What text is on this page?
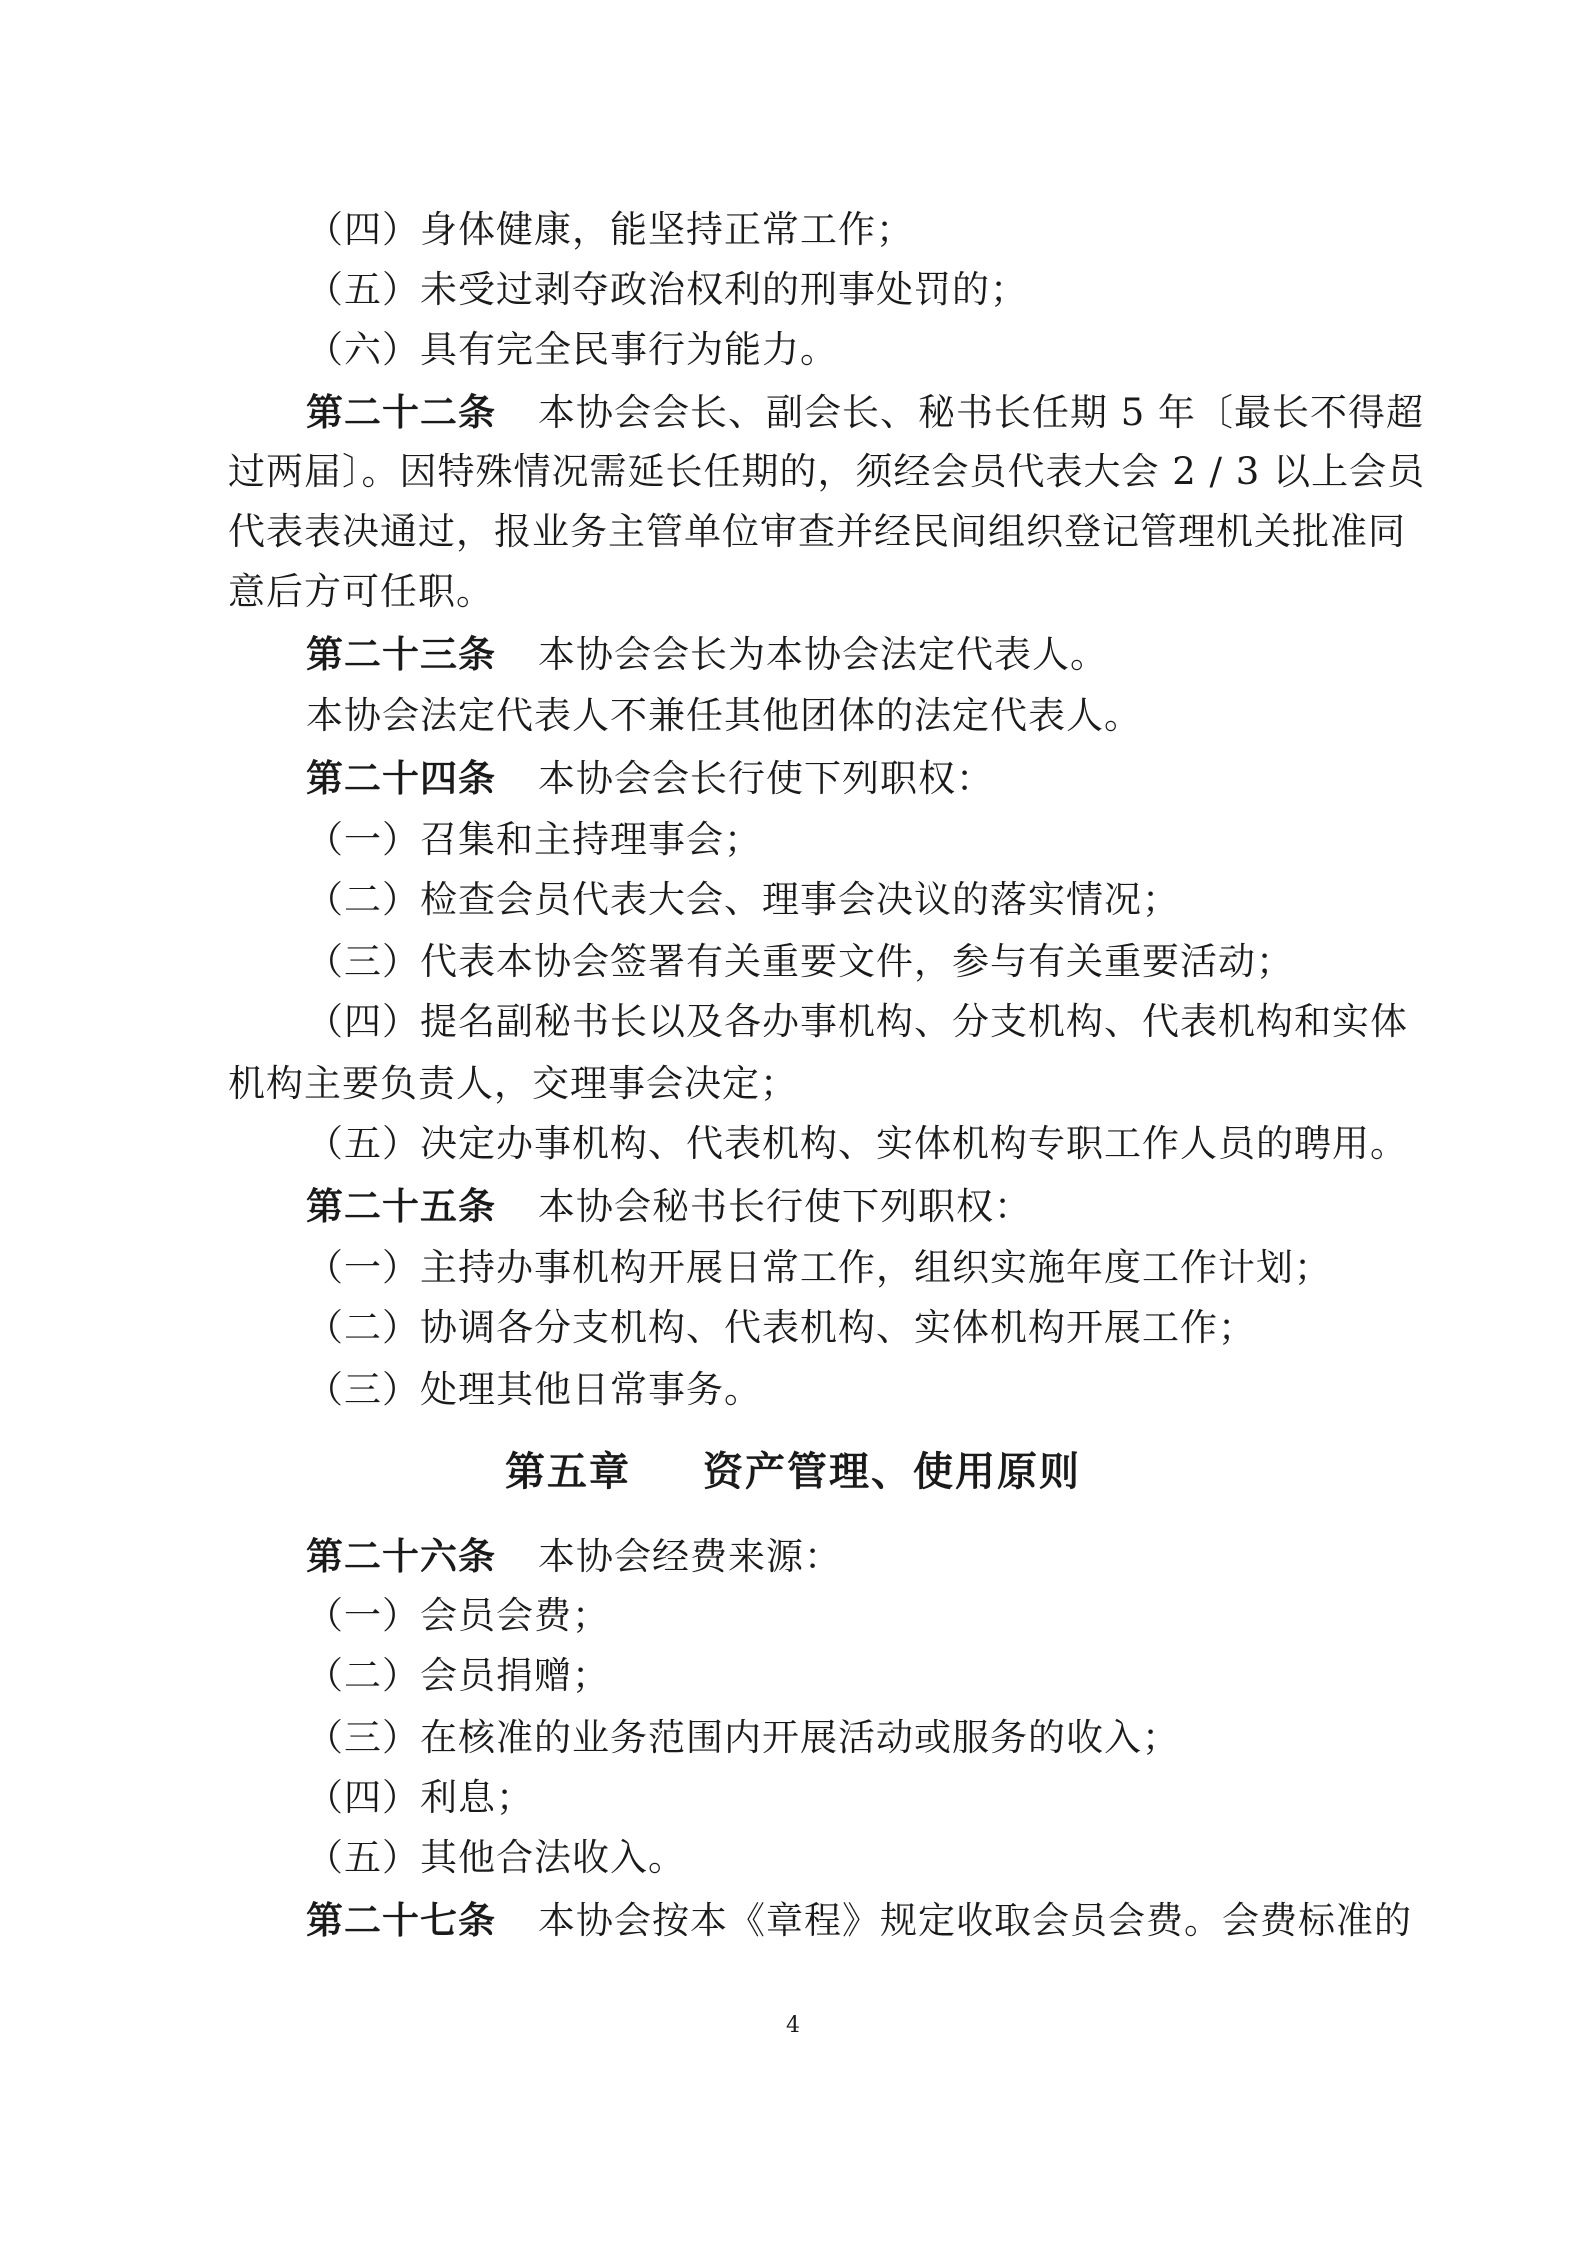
（四）身体健康，能坚持正常工作；
（五）未受过剥夺政治权利的刑事处罚的；
（六）具有完全民事行为能力。
第二十二条 本协会会长、副会长、秘书长任期 5 年〔最长不得超
过两届〕。因特殊情况需延长任期的，须经会员代表大会 2 / 3 以上会员
代表表决通过，报业务主管单位审查并经民间组织登记管理机关批准同
意后方可任职。
第二十三条 本协会会长为本协会法定代表人。
本协会法定代表人不兼任其他团体的法定代表人。
第二十四条 本协会会长行使下列职权：
（一）召集和主持理事会；
（二）检查会员代表大会、理事会决议的落实情况；
（三）代表本协会签署有关重要文件，参与有关重要活动；
（四）提名副秘书长以及各办事机构、分支机构、代表机构和实体
机构主要负责人，交理事会决定；
（五）决定办事机构、代表机构、实体机构专职工作人员的聘用。
第二十五条 本协会秘书长行使下列职权：
（一）主持办事机构开展日常工作，组织实施年度工作计划；
（二）协调各分支机构、代表机构、实体机构开展工作；
（三）处理其他日常事务。
第五章 资产管理、使用原则
第二十六条 本协会经费来源：
（一）会员会费；
（二）会员捐赠；
（三）在核准的业务范围内开展活动或服务的收入；
（四）利息；
（五）其他合法收入。
第二十七条 本协会按本《章程》规定收取会员会费。会费标准的
4
